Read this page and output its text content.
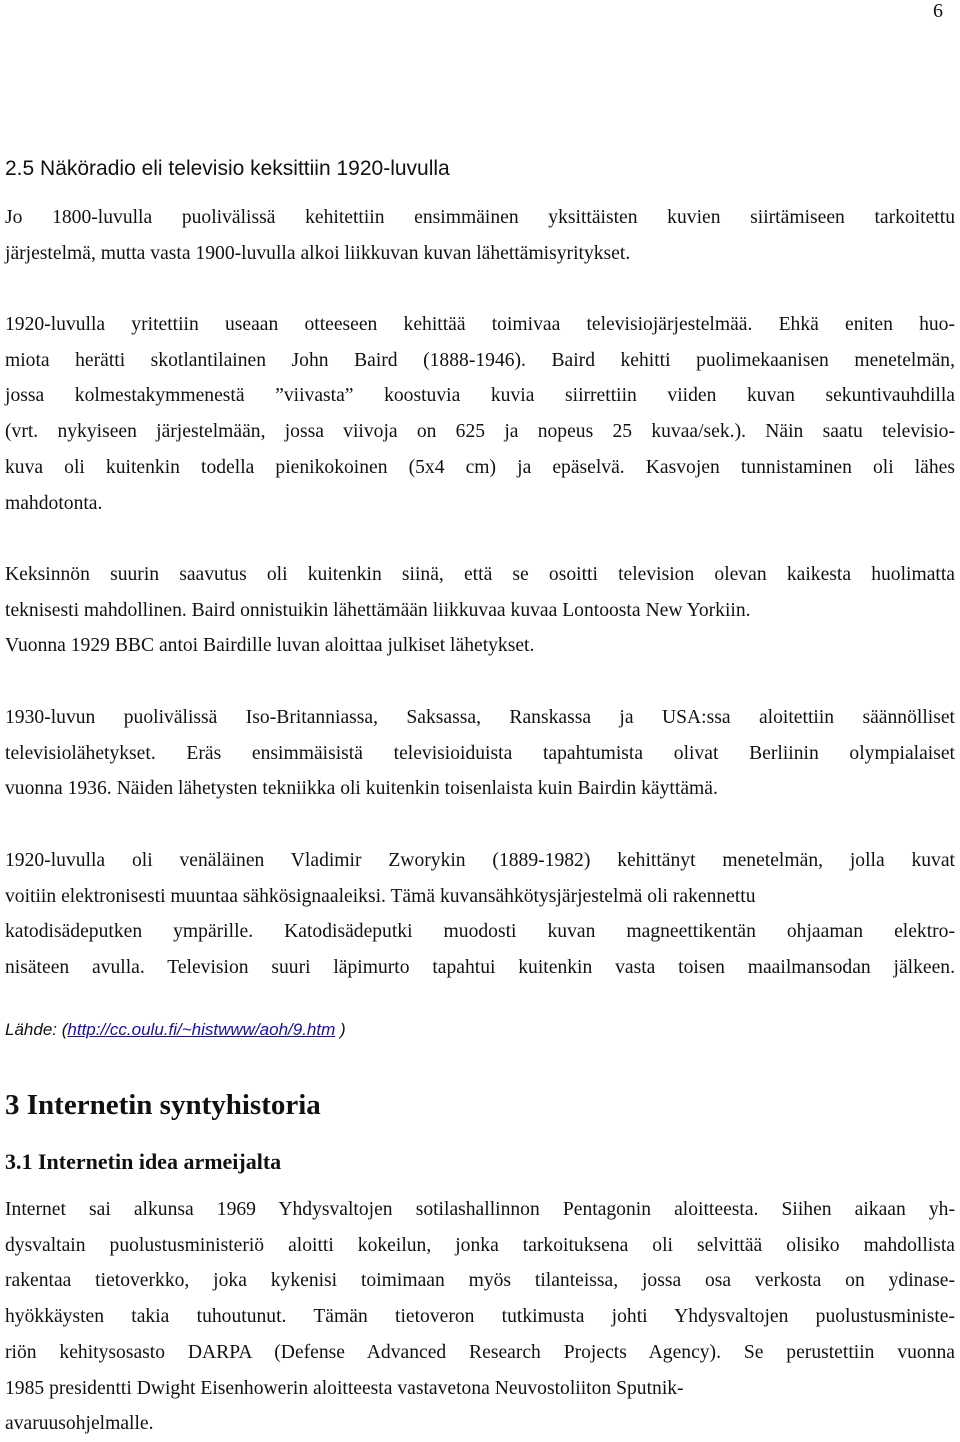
6
2.5 Näköradio eli televisio keksittiin 1920-luvulla

Jo 1800-luvulla puolivälissä kehitettiin ensimmäinen yksittäisten kuvien siirtämiseen tarkoitettu
järjestelmä, mutta vasta 1900-luvulla alkoi liikkuvan kuvan lähettämisyritykset.

1920-luvulla yritettiin useaan otteeseen kehittää toimivaa televisiojärjestelmää. Ehkä eniten huo-
miota herätti skotlantilainen John Baird (1888-1946). Baird kehitti puolimekaanisen menetelmän,
jossa kolmestakymmenestä ”viivasta” koostuvia kuvia siirrettiin viiden kuvan sekuntivauhdilla
(vrt. nykyiseen järjestelmään, jossa viivoja on 625 ja nopeus 25 kuvaa/sek.). Näin saatu televisio-
kuva oli kuitenkin todella pienikokoinen (5x4 cm) ja epäselvä. Kasvojen tunnistaminen oli lähes
mahdotonta.

Keksinnön suurin saavutus oli kuitenkin siinä, että se osoitti television olevan kaikesta huolimatta
teknisesti mahdollinen. Baird onnistuikin lähettämään liikkuvaa kuvaa Lontoosta New Yorkiin.
Vuonna 1929 BBC antoi Bairdille luvan aloittaa julkiset lähetykset.

1930-luvun puolivälissä Iso-Britanniassa, Saksassa, Ranskassa ja USA:ssa aloitettiin säännölliset
televisiolähetykset. Eräs ensimmäisistä televisioiduista tapahtumista olivat Berliinin olympialaiset
vuonna 1936. Näiden lähetysten tekniikka oli kuitenkin toisenlaista kuin Bairdin käyttämä.

1920-luvulla oli venäläinen Vladimir Zworykin (1889-1982) kehittänyt menetelmän, jolla kuvat
voitiin elektronisesti muuntaa sähkösignaaleiksi. Tämä kuvansähkötysjärjestelmä oli rakennettu
katodisädeputken ympärille. Katodisädeputki muodosti kuvan magneettikentän ohjaaman elektro-
nisäteen avulla. Television suuri läpimurto tapahtui kuitenkin vasta toisen maailmansodan jälkeen.

Lähde: (http://cc.oulu.fi/~histwww/aoh/9.htm )

3 Internetin syntyhistoria
3.1 Internetin idea armeijalta

Internet sai alkunsa 1969 Yhdysvaltojen sotilashallinnon Pentagonin aloitteesta. Siihen aikaan yh-
dysvaltain puolustusministeriö aloitti kokeilun, jonka tarkoituksena oli selvittää olisiko mahdollista
rakentaa tietoverkko, joka kykenisi toimimaan myös tilanteissa, jossa osa verkosta on ydinase-
hyökkäysten takia tuhoutunut. Tämän tietoveron tutkimusta johti Yhdysvaltojen puolustusministe-
riön kehitysosasto DARPA (Defense Advanced Research Projects Agency). Se perustettiin vuonna
1985 presidentti Dwight Eisenhowerin aloitteesta vastavetona Neuvostoliiton Sputnik-
avaruusohjelmalle.
